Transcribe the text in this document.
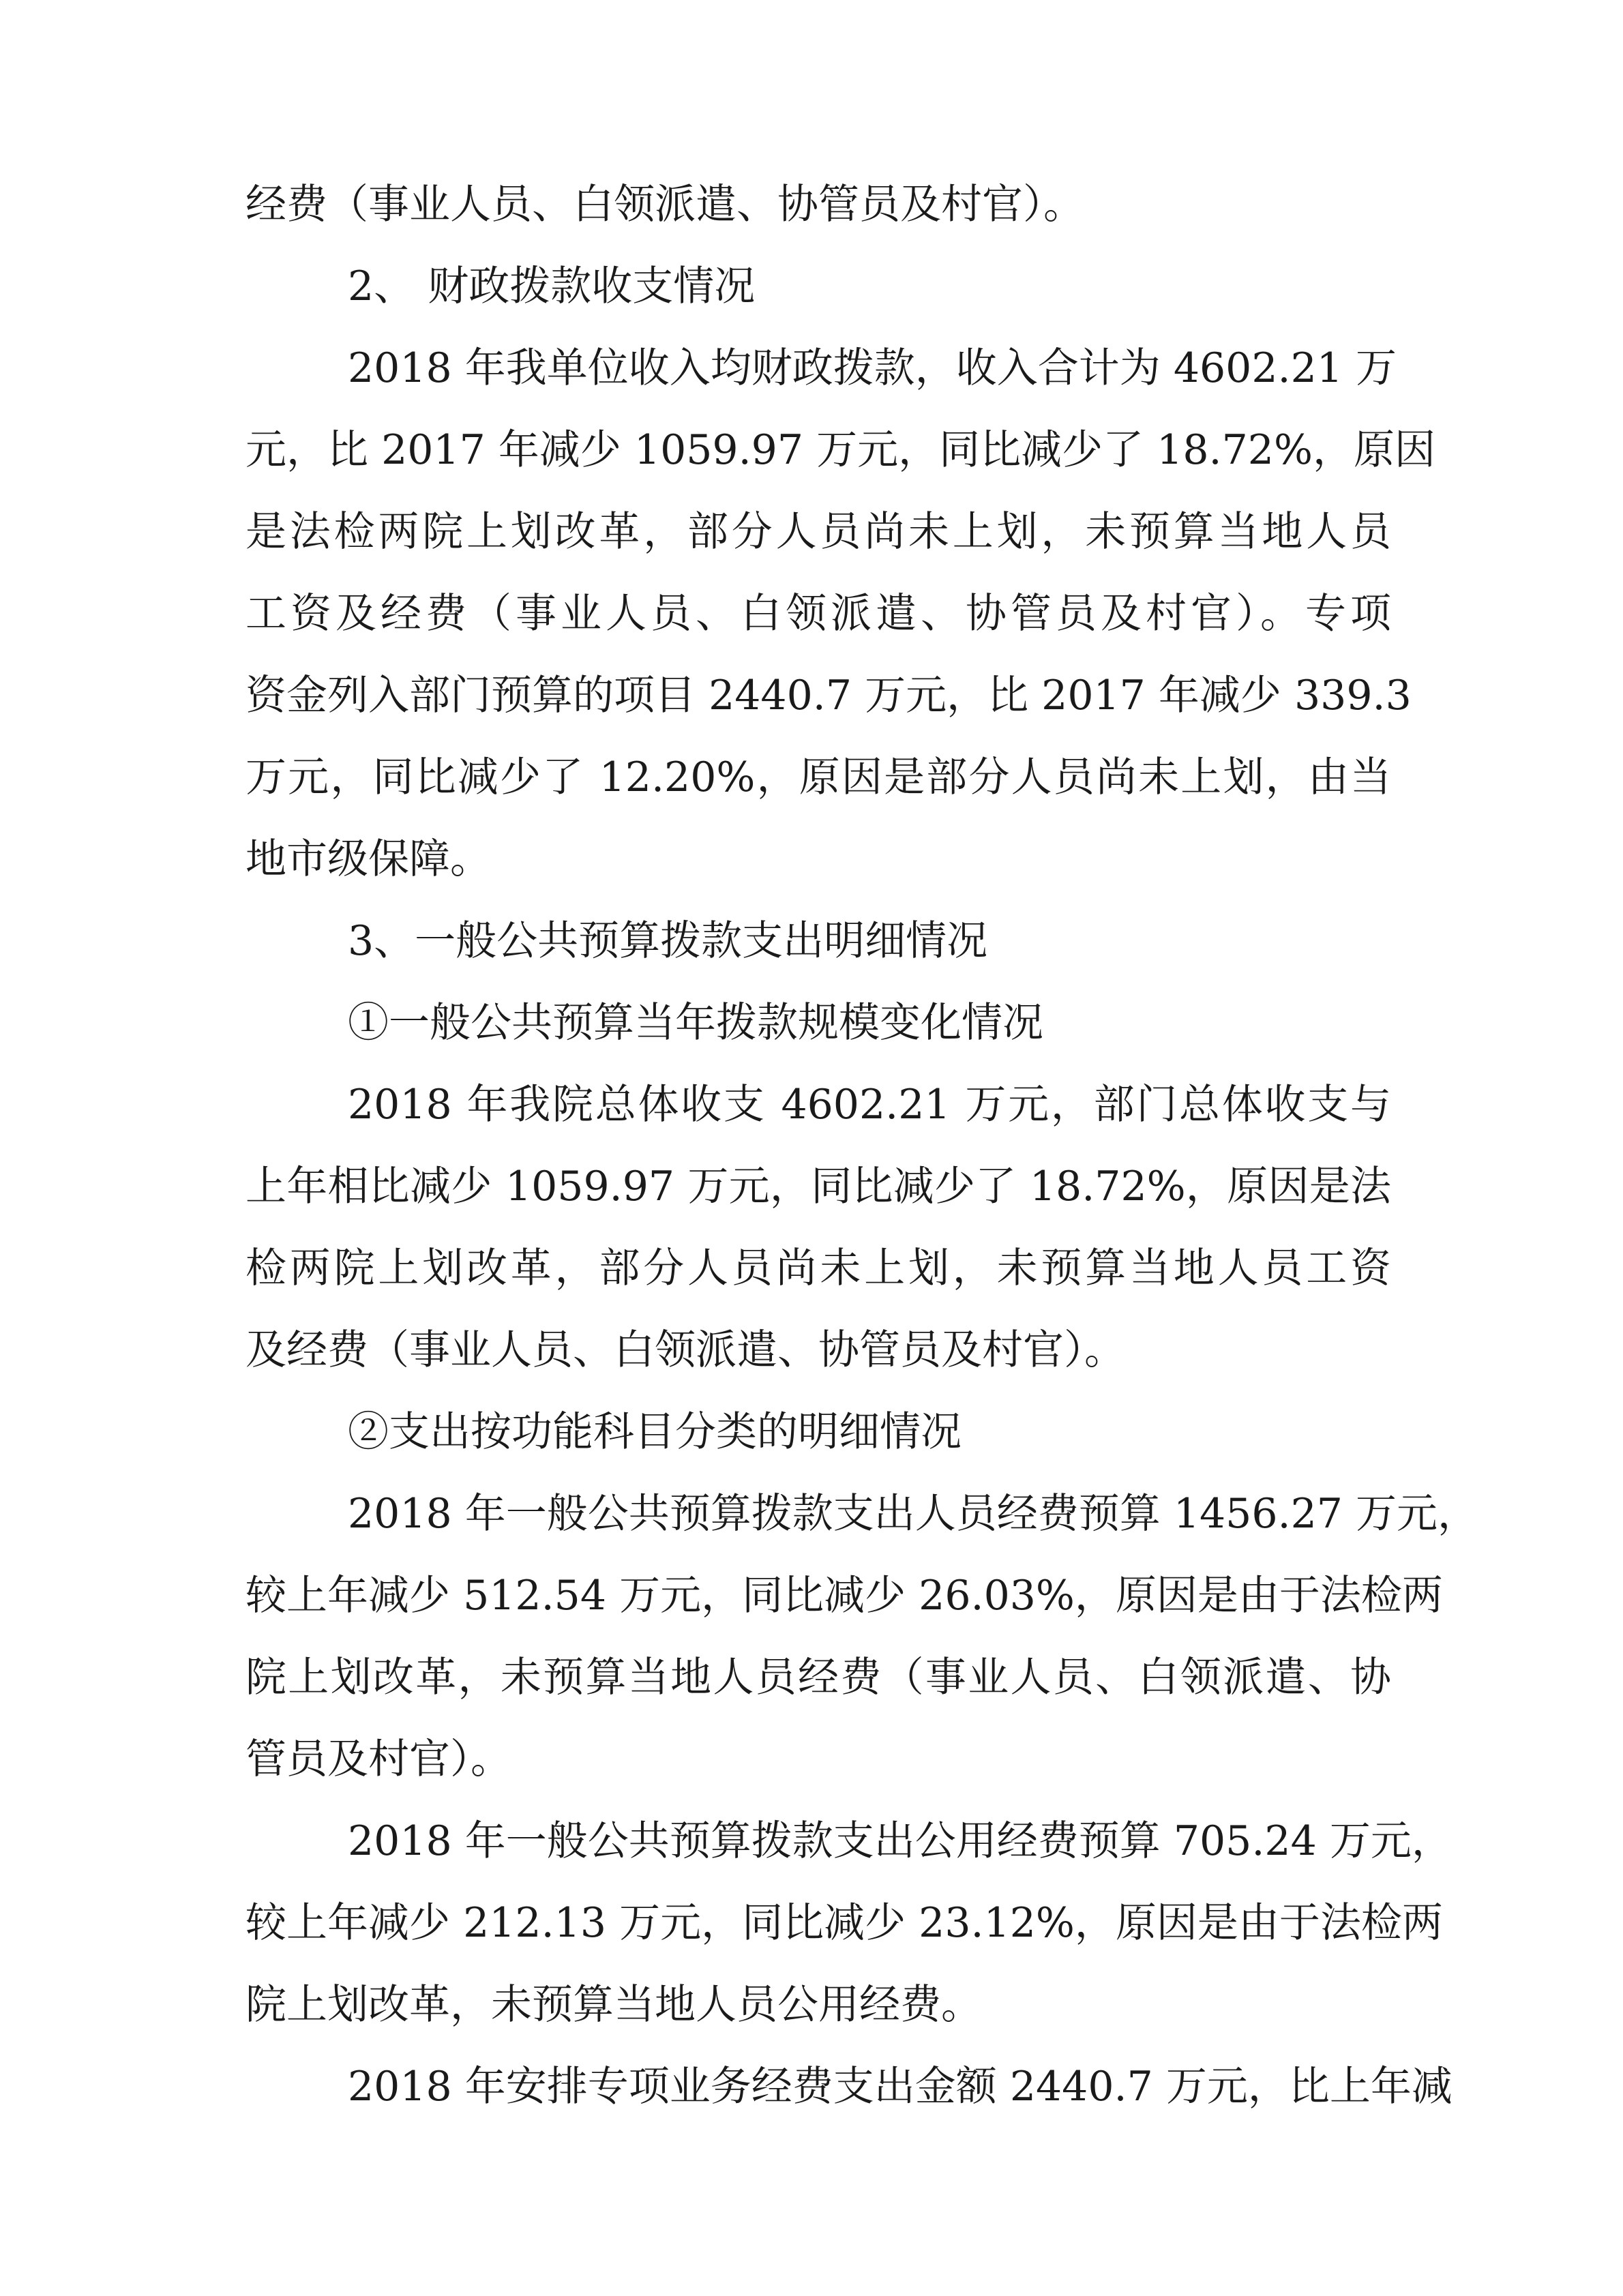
经费（事业人员、白领派遣、协管员及村官）。
2、 财政拨款收支情况
2018 年我单位收入均财政拨款，收入合计为 4602.21 万
元，比 2017 年减少 1059.97 万元，同比减少了 18.72%，原因
是法检两院上划改革，部分人员尚未上划，未预算当地人员
工资及经费（事业人员、白领派遣、协管员及村官）。专项
资金列入部门预算的项目 2440.7 万元，比 2017 年减少 339.3
万元，同比减少了 12.20%，原因是部分人员尚未上划，由当
地市级保障。
3、一般公共预算拨款支出明细情况
①一般公共预算当年拨款规模变化情况
2018 年我院总体收支 4602.21 万元，部门总体收支与
上年相比减少 1059.97 万元，同比减少了 18.72%，原因是法
检两院上划改革，部分人员尚未上划，未预算当地人员工资
及经费（事业人员、白领派遣、协管员及村官）。
②支出按功能科目分类的明细情况
2018 年一般公共预算拨款支出人员经费预算 1456.27 万元，
较上年减少 512.54 万元，同比减少 26.03%，原因是由于法检两
院上划改革，未预算当地人员经费（事业人员、白领派遣、协
管员及村官）。
2018 年一般公共预算拨款支出公用经费预算 705.24 万元，
较上年减少 212.13 万元，同比减少 23.12%，原因是由于法检两
院上划改革，未预算当地人员公用经费。
2018 年安排专项业务经费支出金额 2440.7 万元，比上年减
